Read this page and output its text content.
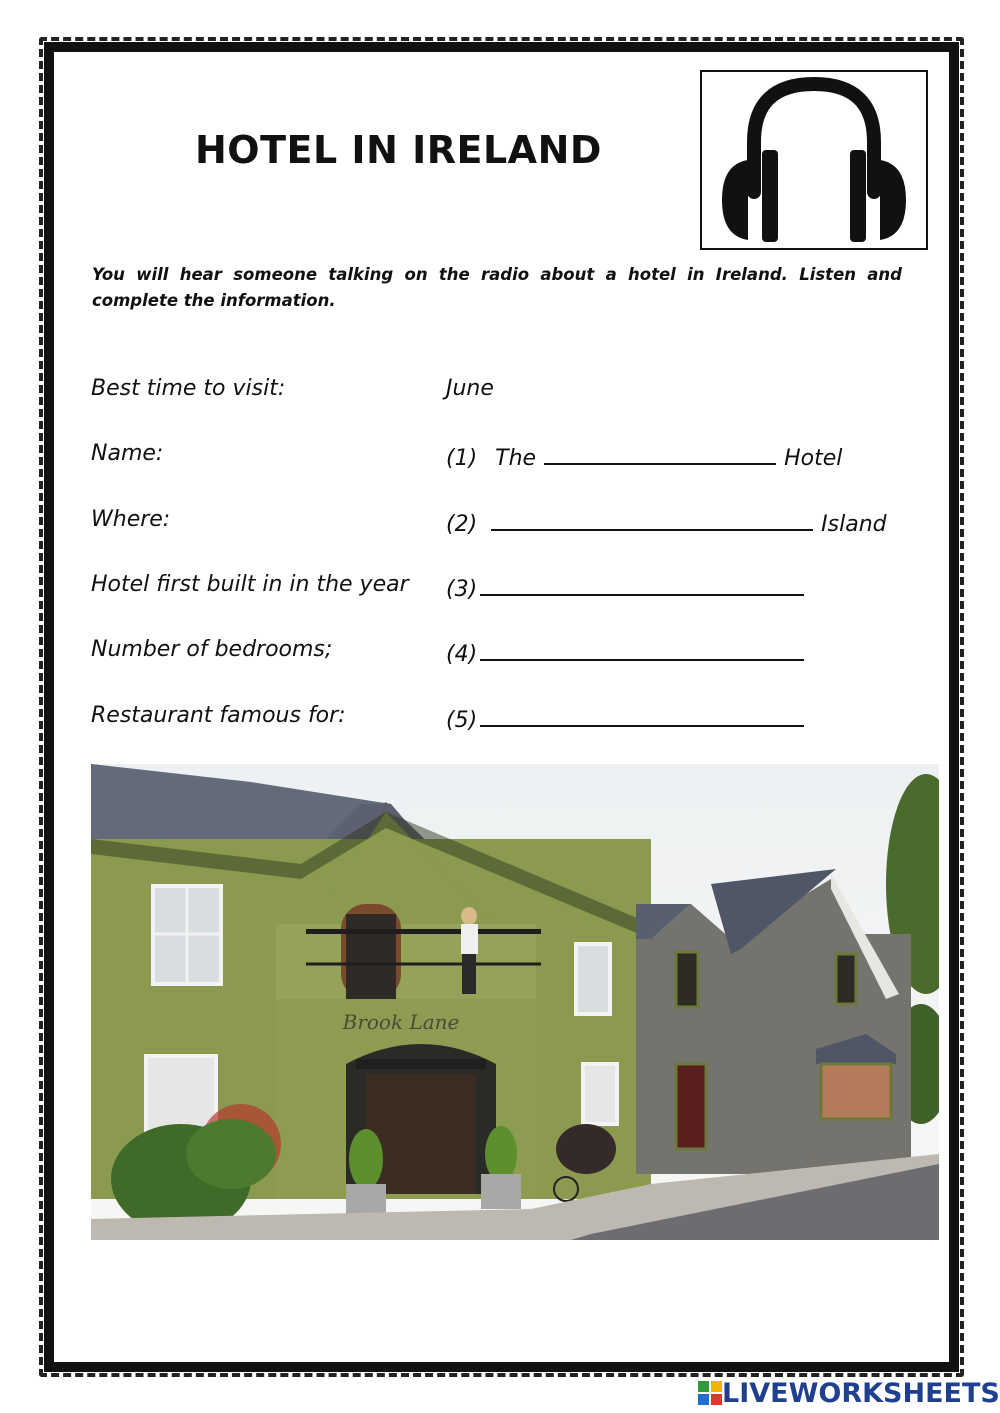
HOTEL IN IRELAND
You will hear someone talking on the radio about a hotel in Ireland. Listen and complete the information.
Best time to visit:	June
Name:	(1) The	Hotel
Where:	(2)	Island
Hotel first built in in the year (3)
Number of bedrooms;	(4)
Restaurant famous for:	(5)
Brook Lane
LIVEWORKSHEETS
